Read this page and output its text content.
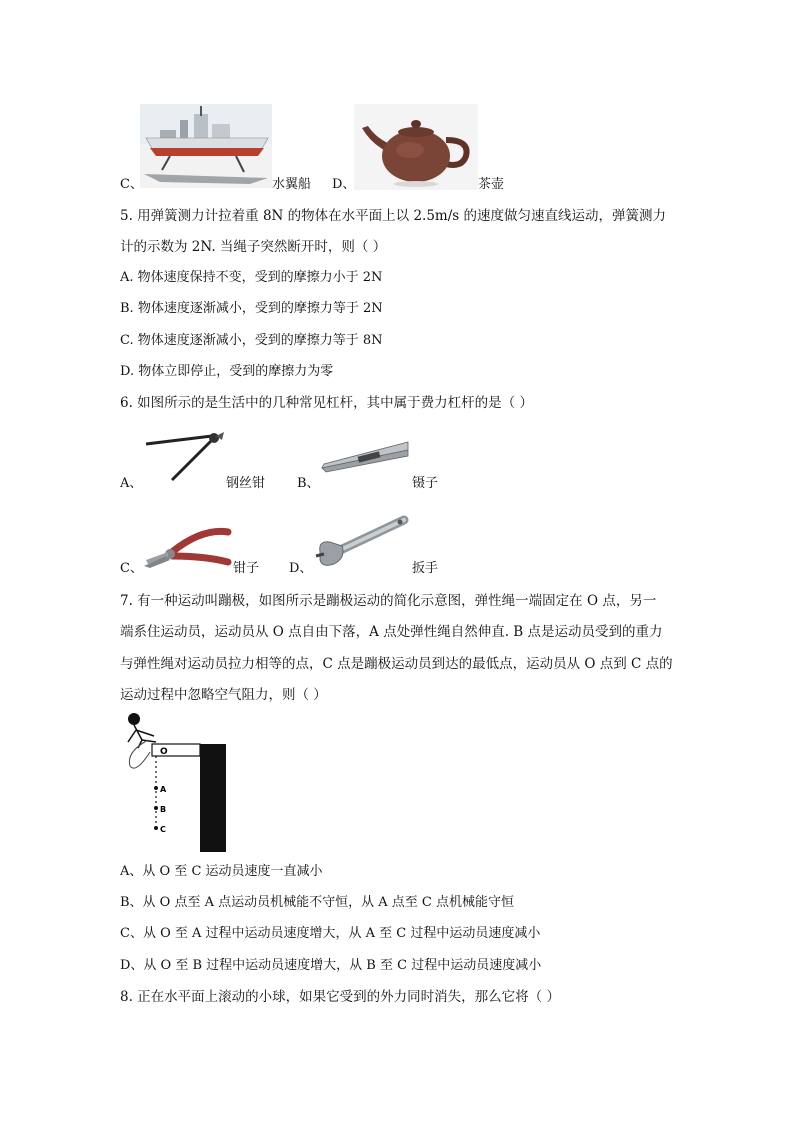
C、	水翼船 D、	茶壶
5. 用弹簧测力计拉着重 8N 的物体在水平面上以 2.5m/s 的速度做匀速直线运动，弹簧测力
计的示数为 2N. 当绳子突然断开时，则（ ）
A. 物体速度保持不变，受到的摩擦力小于 2N
B. 物体速度逐渐减小，受到的摩擦力等于 2N
C. 物体速度逐渐减小，受到的摩擦力等于 8N
D. 物体立即停止，受到的摩擦力为零
6. 如图所示的是生活中的几种常见杠杆，其中属于费力杠杆的是（ ）
A、	钢丝钳 B、	镊子
C、	钳子 D、	扳手
7. 有一种运动叫蹦极，如图所示是蹦极运动的简化示意图，弹性绳一端固定在 O 点，另一
端系住运动员，运动员从 O 点自由下落，A 点处弹性绳自然伸直. B 点是运动员受到的重力
与弹性绳对运动员拉力相等的点，C 点是蹦极运动员到达的最低点，运动员从 O 点到 C 点的
运动过程中忽略空气阻力，则（ ）
O
A
B
C
A、从 O 至 C 运动员速度一直减小
B、从 O 点至 A 点运动员机械能不守恒，从 A 点至 C 点机械能守恒
C、从 O 至 A 过程中运动员速度增大，从 A 至 C 过程中运动员速度减小
D、从 O 至 B 过程中运动员速度增大，从 B 至 C 过程中运动员速度减小
8. 正在水平面上滚动的小球，如果它受到的外力同时消失，那么它将（ ）
